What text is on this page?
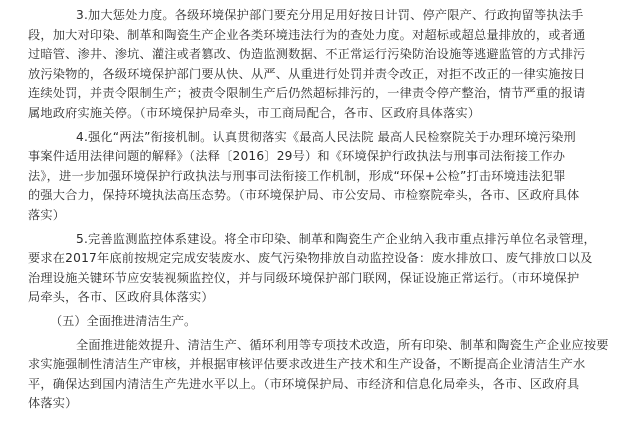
3.加大惩处力度。各级环境保护部门要充分用足用好按日计罚、停产限产、行政拘留等执法手
段，加大对印染、制革和陶瓷生产企业各类环境违法行为的查处力度。对超标或超总量排放的，或者通
过暗管、渗井、渗坑、灌注或者篡改、伪造监测数据、不正常运行污染防治设施等逃避监管的方式排污
放污染物的，各级环境保护部门要从快、从严、从重进行处罚并责令改正，对拒不改正的一律实施按日
连续处罚，并责令限制生产；被责令限制生产后仍然超标排污的，一律责令停产整治，情节严重的报请
属地政府实施关停。（市环境保护局牵头，市工商局配合，各市、区政府具体落实）
4.强化“两法”衔接机制。认真贯彻落实《最高人民法院 最高人民检察院关于办理环境污染刑
事案件适用法律问题的解释》（法释〔2016〕29号）和《环境保护行政执法与刑事司法衔接工作办
法》，进一步加强环境保护行政执法与刑事司法衔接工作机制，形成“环保+公检”打击环境违法犯罪
的强大合力，保持环境执法高压态势。（市环境保护局、市公安局、市检察院牵头，各市、区政府具体
落实）
5.完善监测监控体系建设。将全市印染、制革和陶瓷生产企业纳入我市重点排污单位名录管理，
要求在2017年底前按规定完成安装废水、废气污染物排放自动监控设备：废水排放口、废气排放口以及
治理设施关键环节应安装视频监控仪，并与同级环境保护部门联网，保证设施正常运行。（市环境保护
局牵头，各市、区政府具体落实）
（五）全面推进清洁生产。
全面推进能效提升、清洁生产、循环利用等专项技术改造，所有印染、制革和陶瓷生产企业应按要
求实施强制性清洁生产审核，并根据审核评估要求改进生产技术和生产设备，不断提高企业清洁生产水
平，确保达到国内清洁生产先进水平以上。（市环境保护局、市经济和信息化局牵头，各市、区政府具
体落实）
